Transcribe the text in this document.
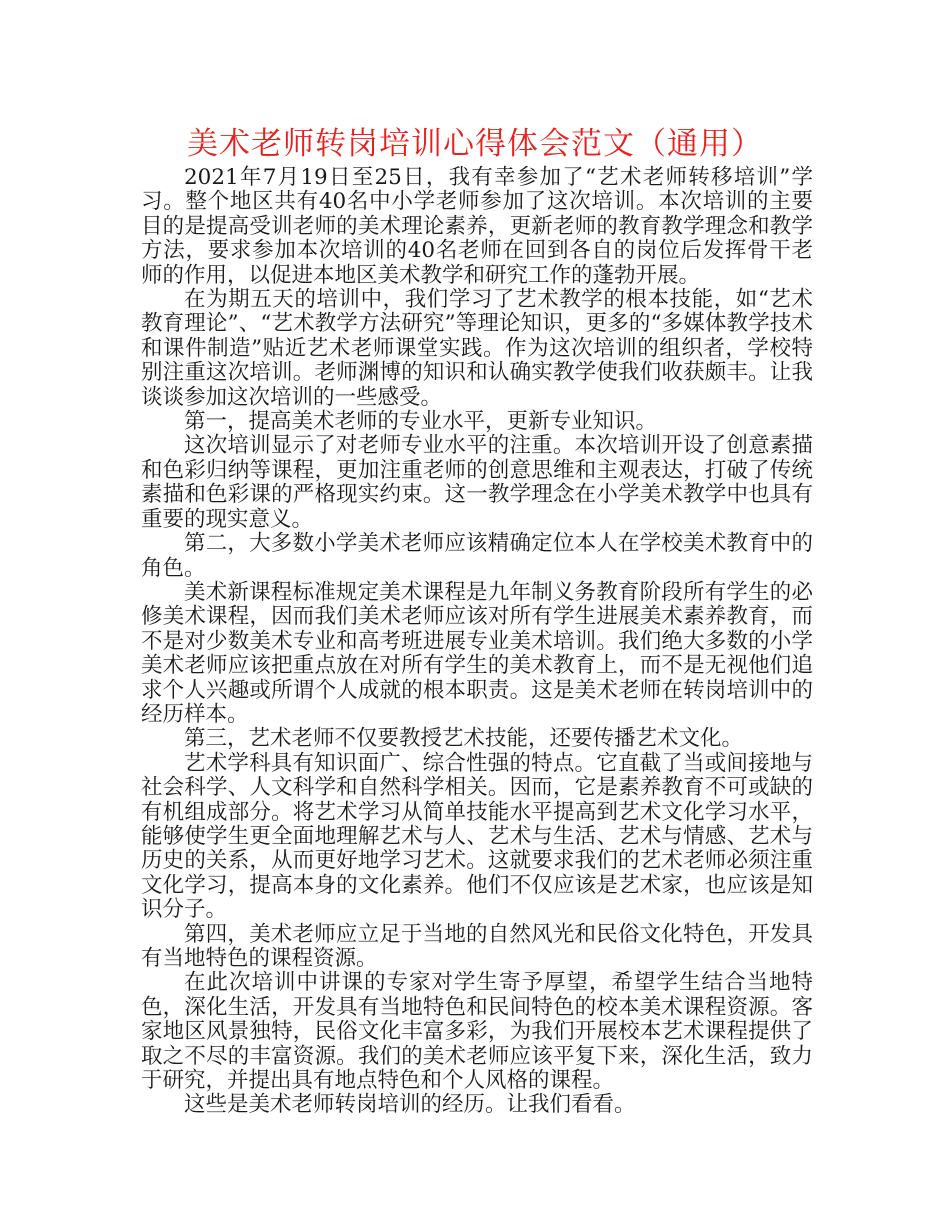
美术老师转岗培训心得体会范文（通用）

2021年7月19日至25日，我有幸参加了“艺术老师转移培训”学习。整个地区共有40名中小学老师参加了这次培训。本次培训的主要目的是提高受训老师的美术理论素养，更新老师的教育教学理念和教学方法，要求参加本次培训的40名老师在回到各自的岗位后发挥骨干老师的作用，以促进本地区美术教学和研究工作的蓬勃开展。

在为期五天的培训中，我们学习了艺术教学的根本技能，如“艺术教育理论”、“艺术教学方法研究”等理论知识，更多的“多媒体教学技术和课件制造”贴近艺术老师课堂实践。作为这次培训的组织者，学校特别注重这次培训。老师渊博的知识和认确实教学使我们收获颇丰。让我谈谈参加这次培训的一些感受。

第一，提高美术老师的专业水平，更新专业知识。

这次培训显示了对老师专业水平的注重。本次培训开设了创意素描和色彩归纳等课程，更加注重老师的创意思维和主观表达，打破了传统素描和色彩课的严格现实约束。这一教学理念在小学美术教学中也具有重要的现实意义。

第二，大多数小学美术老师应该精确定位本人在学校美术教育中的角色。

美术新课程标准规定美术课程是九年制义务教育阶段所有学生的必修美术课程，因而我们美术老师应该对所有学生进展美术素养教育，而不是对少数美术专业和高考班进展专业美术培训。我们绝大多数的小学美术老师应该把重点放在对所有学生的美术教育上，而不是无视他们追求个人兴趣或所谓个人成就的根本职责。这是美术老师在转岗培训中的经历样本。

第三，艺术老师不仅要教授艺术技能，还要传播艺术文化。

艺术学科具有知识面广、综合性强的特点。它直截了当或间接地与社会科学、人文科学和自然科学相关。因而，它是素养教育不可或缺的有机组成部分。将艺术学习从简单技能水平提高到艺术文化学习水平，能够使学生更全面地理解艺术与人、艺术与生活、艺术与情感、艺术与历史的关系，从而更好地学习艺术。这就要求我们的艺术老师必须注重文化学习，提高本身的文化素养。他们不仅应该是艺术家，也应该是知识分子。

第四，美术老师应立足于当地的自然风光和民俗文化特色，开发具有当地特色的课程资源。

在此次培训中讲课的专家对学生寄予厚望，希望学生结合当地特色，深化生活，开发具有当地特色和民间特色的校本美术课程资源。客家地区风景独特，民俗文化丰富多彩，为我们开展校本艺术课程提供了取之不尽的丰富资源。我们的美术老师应该平复下来，深化生活，致力于研究，并提出具有地点特色和个人风格的课程。

这些是美术老师转岗培训的经历。让我们看看。
